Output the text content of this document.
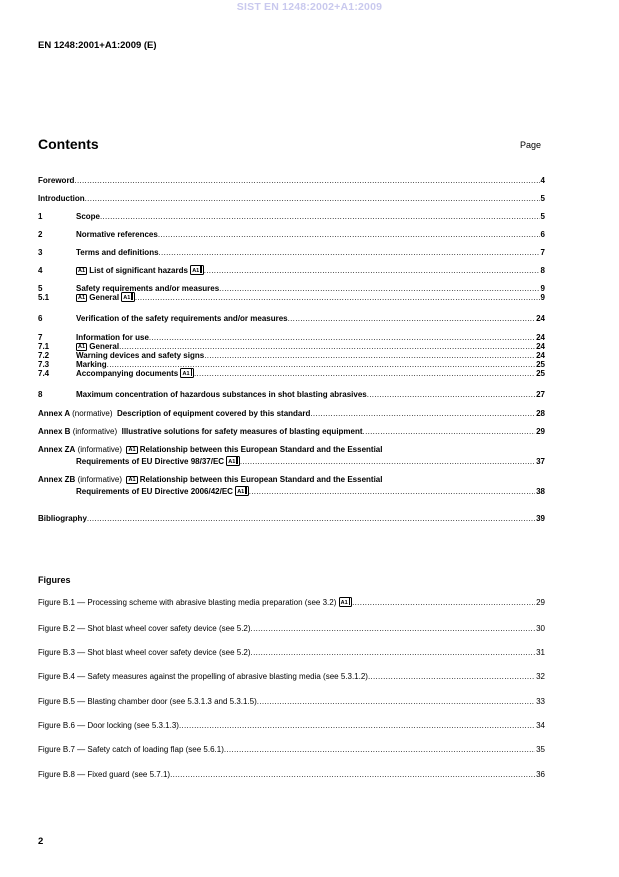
SIST EN 1248:2002+A1:2009
EN 1248:2001+A1:2009 (E)
Contents	Page
Foreword .....	4
Introduction .....	5
1	Scope .....	5
2	Normative references .....	6
3	Terms and definitions .....	7
4	A1 List of significant hazards A1 .....	8
5	Safety requirements and/or measures .....	9
5.1	A1 General A1 .....	9
6	Verification of the safety requirements and/or measures .....	24
7	Information for use .....	24
7.1	A1 General .....	24
7.2	Warning devices and safety signs .....	24
7.3	Marking .....	25
7.4	Accompanying documents A1 .....	25
8	Maximum concentration of hazardous substances in shot blasting abrasives .....	27
Annex A (normative) Description of equipment covered by this standard .....	28
Annex B (informative) Illustrative solutions for safety measures of blasting equipment .....	29
Annex ZA (informative) A1 Relationship between this European Standard and the Essential
Requirements of EU Directive 98/37/EC A1 .....	37
Annex ZB (informative) A1 Relationship between this European Standard and the Essential
Requirements of EU Directive 2006/42/EC A1 .....	38
Bibliography .....	39
Figures
Figure B.1 — Processing scheme with abrasive blasting media preparation (see 3.2) A1 .....	29
Figure B.2 — Shot blast wheel cover safety device (see 5.2) .....	30
Figure B.3 — Shot blast wheel cover safety device (see 5.2) .....	31
Figure B.4 — Safety measures against the propelling of abrasive blasting media (see 5.3.1.2) .....	32
Figure B.5 — Blasting chamber door (see 5.3.1.3 and 5.3.1.5) .....	33
Figure B.6 — Door locking (see 5.3.1.3) .....	34
Figure B.7 — Safety catch of loading flap (see 5.6.1) .....	35
Figure B.8 — Fixed guard (see 5.7.1) .....	36
2
